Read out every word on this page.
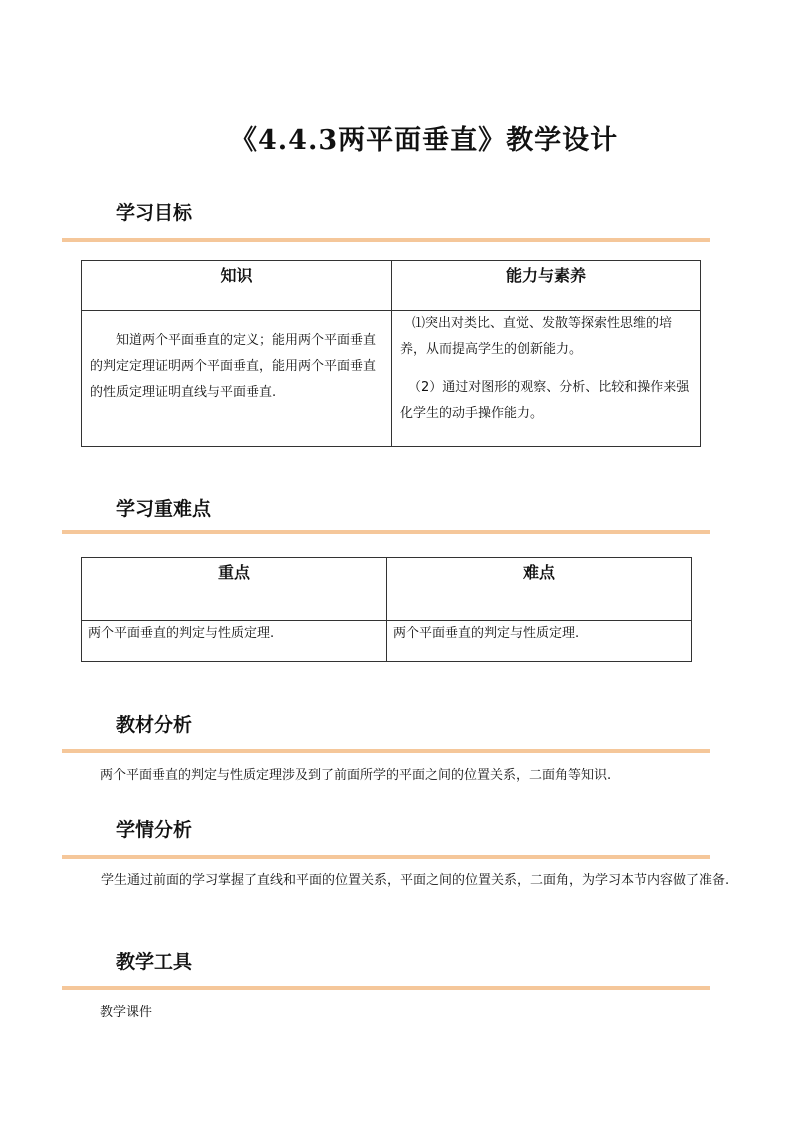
《4.4.3两平面垂直》教学设计
学习目标
知识	能力与素养

知道两个平面垂直的定义；能用两个平面垂直的判定定理证明两个平面垂直，能用两个平面垂直的性质定理证明直线与平面垂直.	⑴突出对类比、直觉、发散等探索性思维的培养，从而提高学生的创新能力。

（2）通过对图形的观察、分析、比较和操作来强化学生的动手操作能力。

学习重难点
重点	难点

两个平面垂直的判定与性质定理.	两个平面垂直的判定与性质定理.
教材分析
两个平面垂直的判定与性质定理涉及到了前面所学的平面之间的位置关系，二面角等知识.
学情分析
学生通过前面的学习掌握了直线和平面的位置关系，平面之间的位置关系，二面角，为学习本节内容做了准备.
教学工具
教学课件
